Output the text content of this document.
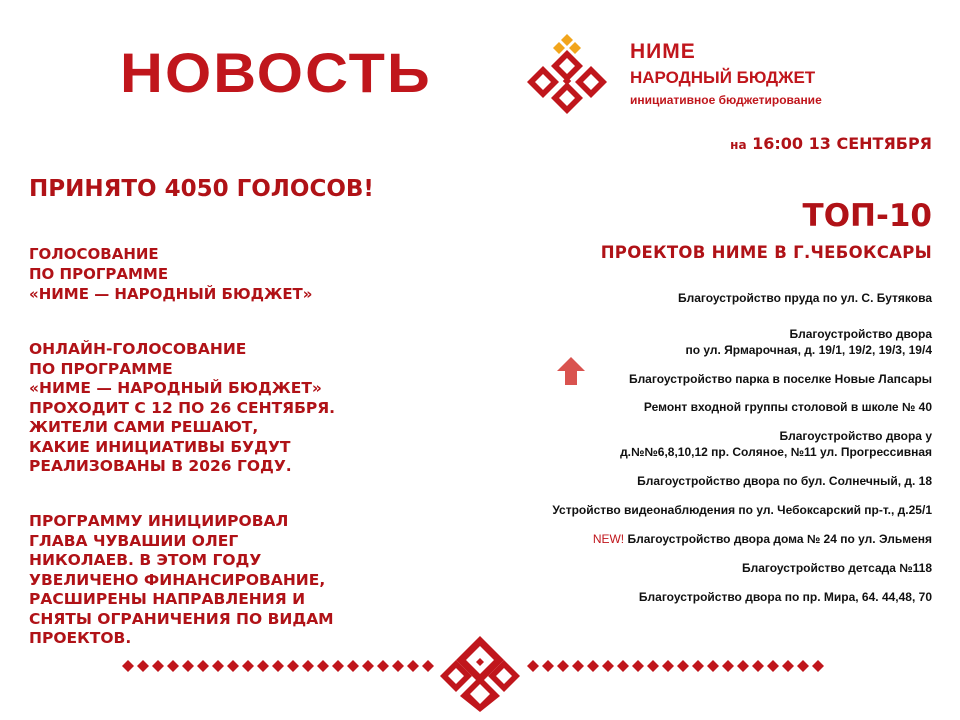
НОВОСТЬ	НИМЕ
НАРОДНЫЙ БЮДЖЕТ
инициативное бюджетирование
на 16:00 13 СЕНТЯБРЯ
ПРИНЯТО 4050 ГОЛОСОВ!
ГОЛОСОВАНИЕ
ПО ПРОГРАММЕ
«НИМЕ — НАРОДНЫЙ БЮДЖЕТ»
ОНЛАЙН-ГОЛОСОВАНИЕ
ПО ПРОГРАММЕ
«НИМЕ — НАРОДНЫЙ БЮДЖЕТ»
ПРОХОДИТ С 12 ПО 26 СЕНТЯБРЯ.
ЖИТЕЛИ САМИ РЕШАЮТ,
КАКИЕ ИНИЦИАТИВЫ БУДУТ
РЕАЛИЗОВАНЫ В 2026 ГОДУ.
ПРОГРАММУ ИНИЦИИРОВАЛ
ГЛАВА ЧУВАШИИ ОЛЕГ
НИКОЛАЕВ. В ЭТОМ ГОДУ
УВЕЛИЧЕНО ФИНАНСИРОВАНИЕ,
РАСШИРЕНЫ НАПРАВЛЕНИЯ И
СНЯТЫ ОГРАНИЧЕНИЯ ПО ВИДАМ
ПРОЕКТОВ.
ТОП-10
ПРОЕКТОВ НИМЕ В Г.ЧЕБОКСАРЫ
Благоустройство пруда по ул. С. Бутякова
Благоустройство двора
по ул. Ярмарочная, д. 19/1, 19/2, 19/3, 19/4
Благоустройство парка в поселке Новые Лапсары
Ремонт входной группы столовой в школе № 40
Благоустройство двора у
д.№№6,8,10,12 пр. Соляное, №11 ул. Прогрессивная
Благоустройство двора по бул. Солнечный, д. 18
Устройство видеонаблюдения по ул. Чебоксарский пр-т., д.25/1
NEW! Благоустройство двора дома № 24 по ул. Эльменя
Благоустройство детсада №118
Благоустройство двора по пр. Мира, 64. 44,48, 70
